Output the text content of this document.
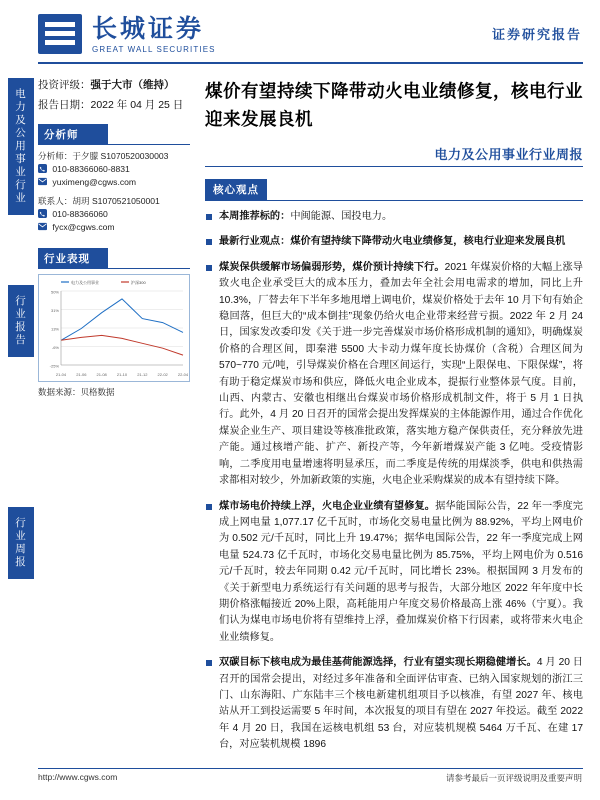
长城证券
GREAT WALL SECURITIES
证券研究报告
电力及公用事业行业
行业报告
行业周报
投资评级：强于大市（维持）
报告日期：2022 年 04 月 25 日
分析师
分析师：于夕朦 S1070520030003
010-88366060-8831
yuximeng@cgws.com
联系人：胡玥 S1070521050001
010-88366060
fycx@cgws.com
行业表现
-25%
-6%
13%
31%
50%
21-04	21-06	21-08	21-10	21-12	22-02	22-04
电力及公用事业	沪深300
数据来源：贝格数据
煤价有望持续下降带动火电业绩修复，核电行业迎来发展良机
电力及公用事业行业周报
核心观点
本周推荐标的：中闽能源、国投电力。
最新行业观点：煤价有望持续下降带动火电业绩修复，核电行业迎来发展良机
煤炭保供缓解市场偏弱形势，煤价预计持续下行。2021 年煤炭价格的大幅上涨导致火电企业承受巨大的成本压力，叠加去年全社会用电需求的增加，同比上升 10.3%，厂替去年下半年多地甩增上调电价，煤炭价格处于去年 10 月下旬有始企稳回落，但巨大的“成本倒挂”现象仍给火电企业带来经营亏损。2022 年 2 月 24 日，国家发改委印发《关于进一步完善煤炭市场价格形成机制的通知》，明确煤炭价格的合理区间，即秦港 5500 大卡动力煤年度长协煤价（含税）合理区间为 570~770 元/吨，引导煤炭价格在合理区间运行，实现“上限保电、下限保煤”，将有助于稳定煤炭市场和供应，降低火电企业成本，提振行业整体景气度。目前，山西、内蒙古、安徽也相继出台煤炭市场价格形成机制文件，将于 5 月 1 日执行。此外，4 月 20 日召开的国常会提出发挥煤炭的主体能源作用，通过合作优化煤炭企业生产、项目建设等核准批政策，落实地方稳产保供责任，充分释放先进产能。通过核增产能、扩产、新投产等，今年新增煤炭产能 3 亿吨。受疫情影响，二季度用电量增速将明显承压，而二季度是传统的用煤淡季，供电和供热需求都相对较少，外加新政策的实施，火电企业采购煤炭的成本有望持续下降。
煤市场电价持续上浮，火电企业业绩有望修复。据华能国际公告，22 年一季度完成上网电量 1,077.17 亿千瓦时，市场化交易电量比例为 88.92%，平均上网电价为 0.502 元/千瓦时，同比上升 19.47%；据华电国际公告，22 年一季度完成上网电量 524.73 亿千瓦时，市场化交易电量比例为 85.75%，平均上网电价为 0.516 元/千瓦时，较去年同期 0.42 元/千瓦时，同比增长 23%。根据国网 3 月发布的《关于新型电力系统运行有关问题的思考与报告，大部分地区 2022 年年度中长期价格涨幅接近 20%上限，高耗能用户年度交易价格最高上涨 46%（宁夏）。我们认为煤电市场电价将有望维持上浮，叠加煤炭价格下行因素，或将带来火电企业业绩修复。
双碳目标下核电成为最佳基荷能源选择，行业有望实现长期稳健增长。4 月 20 日召开的国常会提出，对经过多年准备和全面评估审查、已纳入国家规划的浙江三门、山东海阳、广东陆丰三个核电新建机组项目予以核准，有望 2027 年、核电站从开工到投运需要 5 年时间，本次报复的项目有望在 2027 年投运。截至 2022 年 4 月 20 日，我国在运核电机组 53 台，对应装机规模 5464 万千瓦、在建 17 台，对应装机规模 1896
http://www.cgws.com	请参考最后一页评级说明及重要声明
